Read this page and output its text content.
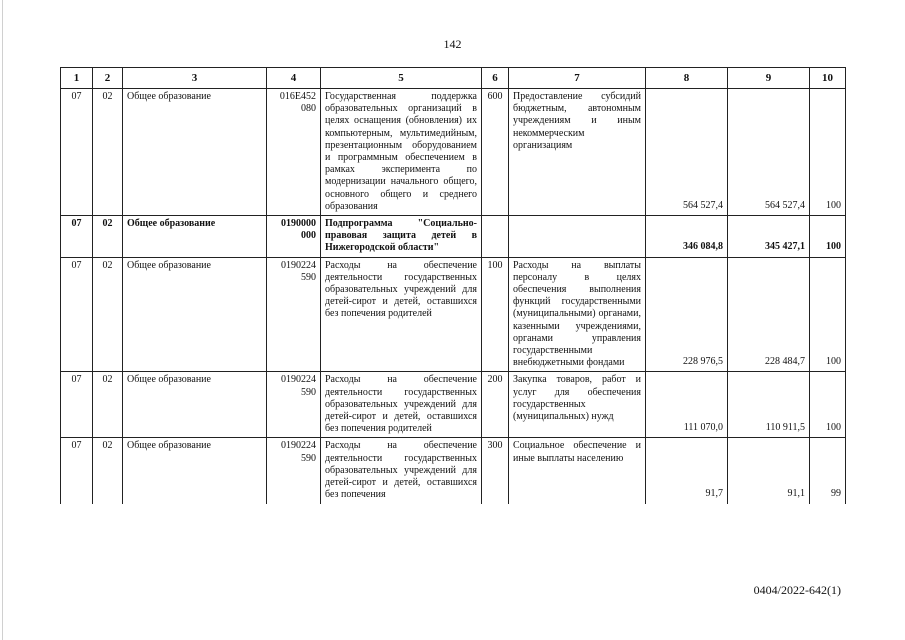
142
1	2	3	4	5	6	7	8	9	10
07	02	Общее образование	016E452 080	Государственная поддержка образовательных организаций в целях оснащения (обновления) их компьютерным, мультимедийным, презентационным оборудованием и программным обеспечением в рамках эксперимента по модернизации начального общего, основного общего и среднего образования	600	Предоставление субсидий бюджетным, автономным учреждениям и иным некоммерческим организациям	564 527,4	564 527,4	100
07	02	Общее образование	0190000 000	Подпрограмма "Социально-правовая защита детей в Нижегородской области"			346 084,8	345 427,1	100
07	02	Общее образование	0190224 590	Расходы на обеспечение деятельности государственных образовательных учреждений для детей-сирот и детей, оставшихся без попечения родителей	100	Расходы на выплаты персоналу в целях обеспечения выполнения функций государственными (муниципальными) органами, казенными учреждениями, органами управления государственными внебюджетными фондами	228 976,5	228 484,7	100
07	02	Общее образование	0190224 590	Расходы на обеспечение деятельности государственных образовательных учреждений для детей-сирот и детей, оставшихся без попечения родителей	200	Закупка товаров, работ и услуг для обеспечения государственных (муниципальных) нужд	111 070,0	110 911,5	100
07	02	Общее образование	0190224 590	Расходы на обеспечение деятельности государственных образовательных учреждений для детей-сирот и детей, оставшихся без попечения	300	Социальное обеспечение и иные выплаты населению	91,7	91,1	99
0404/2022-642(1)
